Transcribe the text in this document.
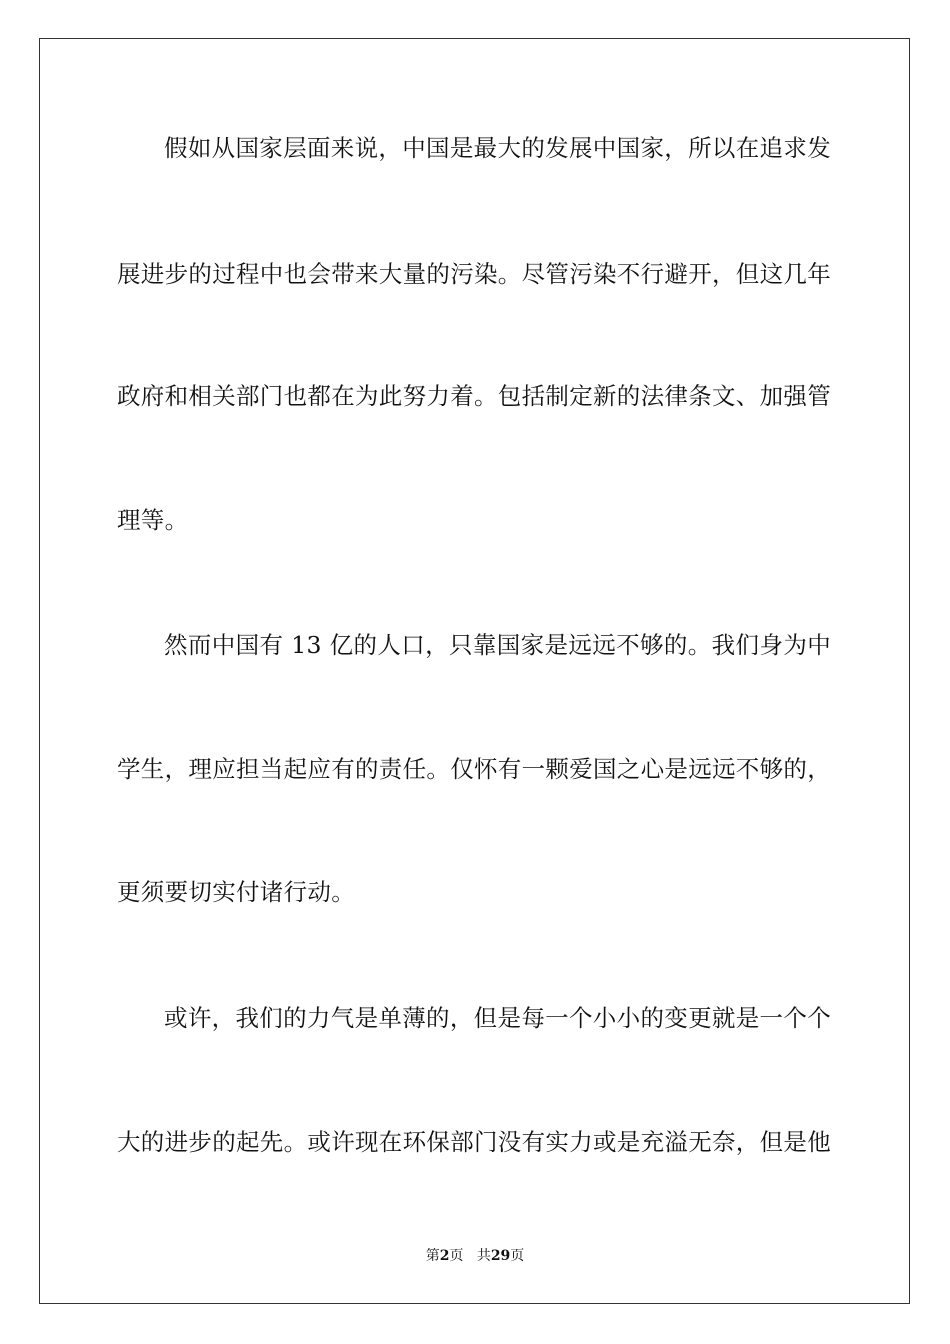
假如从国家层面来说，中国是最大的发展中国家，所以在追求发
展进步的过程中也会带来大量的污染。尽管污染不行避开，但这几年
政府和相关部门也都在为此努力着。包括制定新的法律条文、加强管
理等。
然而中国有 13 亿的人口，只靠国家是远远不够的。我们身为中
学生，理应担当起应有的责任。仅怀有一颗爱国之心是远远不够的，
更须要切实付诸行动。
或许，我们的力气是单薄的，但是每一个小小的变更就是一个个
大的进步的起先。或许现在环保部门没有实力或是充溢无奈，但是他
第2页 共29页
